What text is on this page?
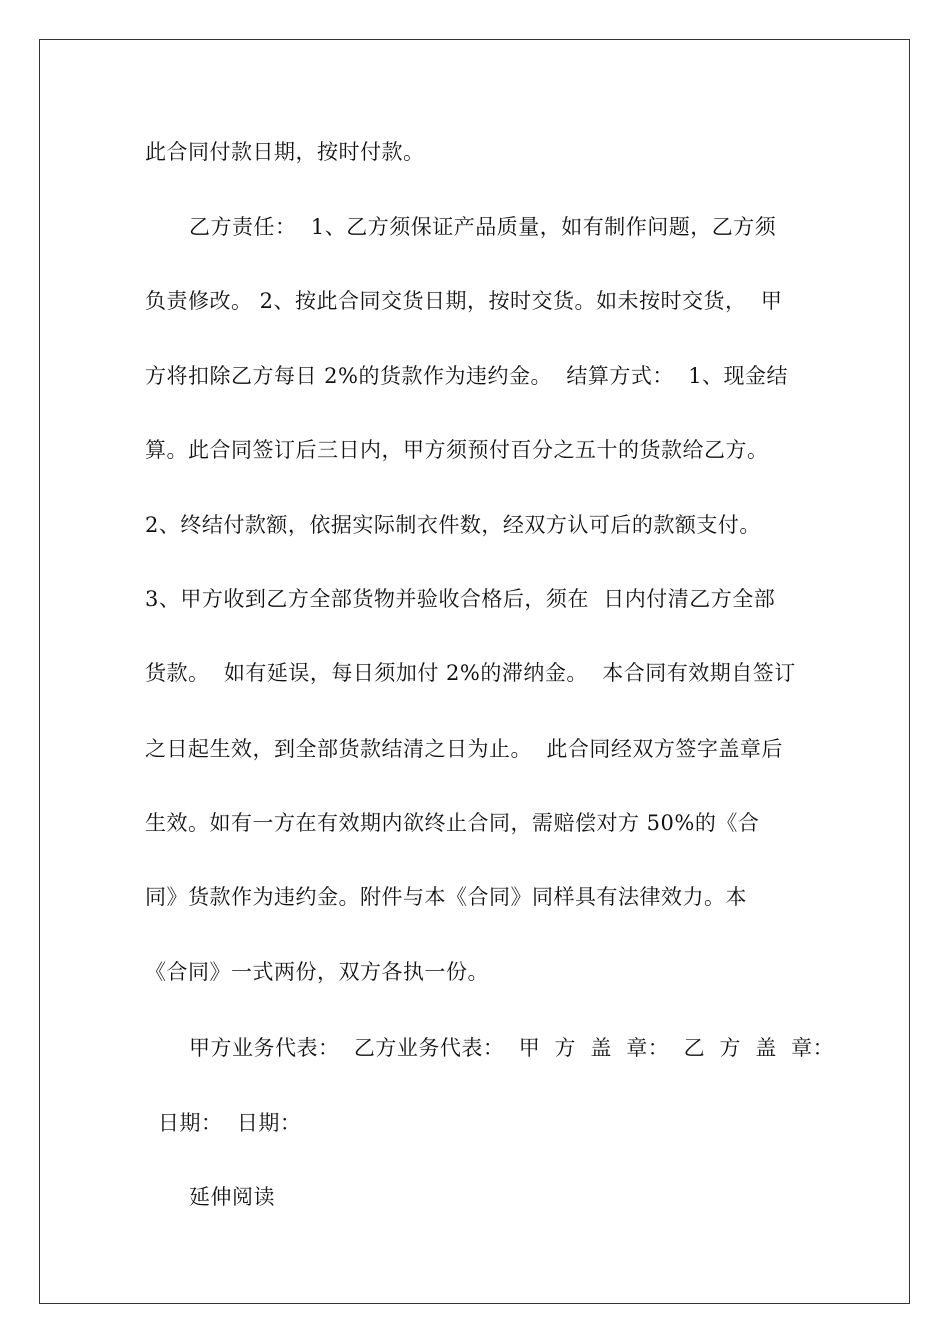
此合同付款日期，按时付款。
乙方责任：  1、乙方须保证产品质量，如有制作问题，乙方须
负责修改。 2、按此合同交货日期，按时交货。如未按时交货，  甲
方将扣除乙方每日 2%的货款作为违约金。  结算方式：  1、现金结
算。此合同签订后三日内，甲方须预付百分之五十的货款给乙方。
2、终结付款额，依据实际制衣件数，经双方认可后的款额支付。
3、甲方收到乙方全部货物并验收合格后，须在  日内付清乙方全部
货款。  如有延误，每日须加付 2%的滞纳金。  本合同有效期自签订
之日起生效，到全部货款结清之日为止。  此合同经双方签字盖章后
生效。如有一方在有效期内欲终止合同，需赔偿对方 50%的《合
同》货款作为违约金。附件与本《合同》同样具有法律效力。本
《合同》一式两份，双方各执一份。
甲方业务代表：  乙方业务代表：  甲  方  盖  章：  乙  方  盖  章：
日期：  日期：
延伸阅读
